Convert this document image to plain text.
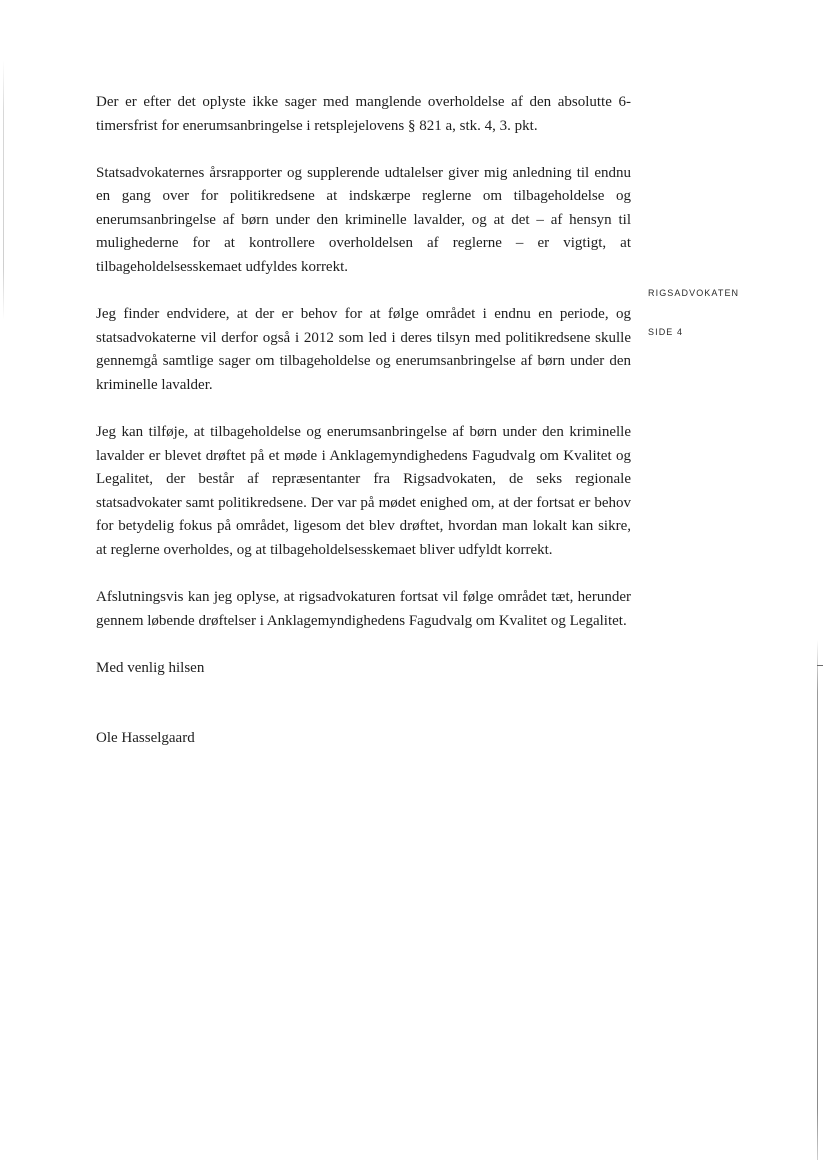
Der er efter det oplyste ikke sager med manglende overholdelse af den absolutte 6-timersfrist for enerumsanbringelse i retsplejelovens § 821 a, stk. 4, 3. pkt.

Statsadvokaternes årsrapporter og supplerende udtalelser giver mig anledning til endnu en gang over for politikredsene at indskærpe reglerne om tilbageholdelse og enerumsanbringelse af børn under den kriminelle lavalder, og at det – af hensyn til mulighederne for at kontrollere overholdelsen af reglerne – er vigtigt, at tilbageholdelsesskemaet udfyldes korrekt.

Jeg finder endvidere, at der er behov for at følge området i endnu en periode, og statsadvokaterne vil derfor også i 2012 som led i deres tilsyn med politikredsene skulle gennemgå samtlige sager om tilbageholdelse og enerumsanbringelse af børn under den kriminelle lavalder.

Jeg kan tilføje, at tilbageholdelse og enerumsanbringelse af børn under den kriminelle lavalder er blevet drøftet på et møde i Anklagemyndighedens Fagudvalg om Kvalitet og Legalitet, der består af repræsentanter fra Rigsadvokaten, de seks regionale statsadvokater samt politikredsene. Der var på mødet enighed om, at der fortsat er behov for betydelig fokus på området, ligesom det blev drøftet, hvordan man lokalt kan sikre, at reglerne overholdes, og at tilbageholdelsesskemaet bliver udfyldt korrekt.

Afslutningsvis kan jeg oplyse, at rigsadvokaturen fortsat vil følge området tæt, herunder gennem løbende drøftelser i Anklagemyndighedens Fagudvalg om Kvalitet og Legalitet.

Med venlig hilsen

Ole Hasselgaard

RIGSADVOKATEN
SIDE 4
